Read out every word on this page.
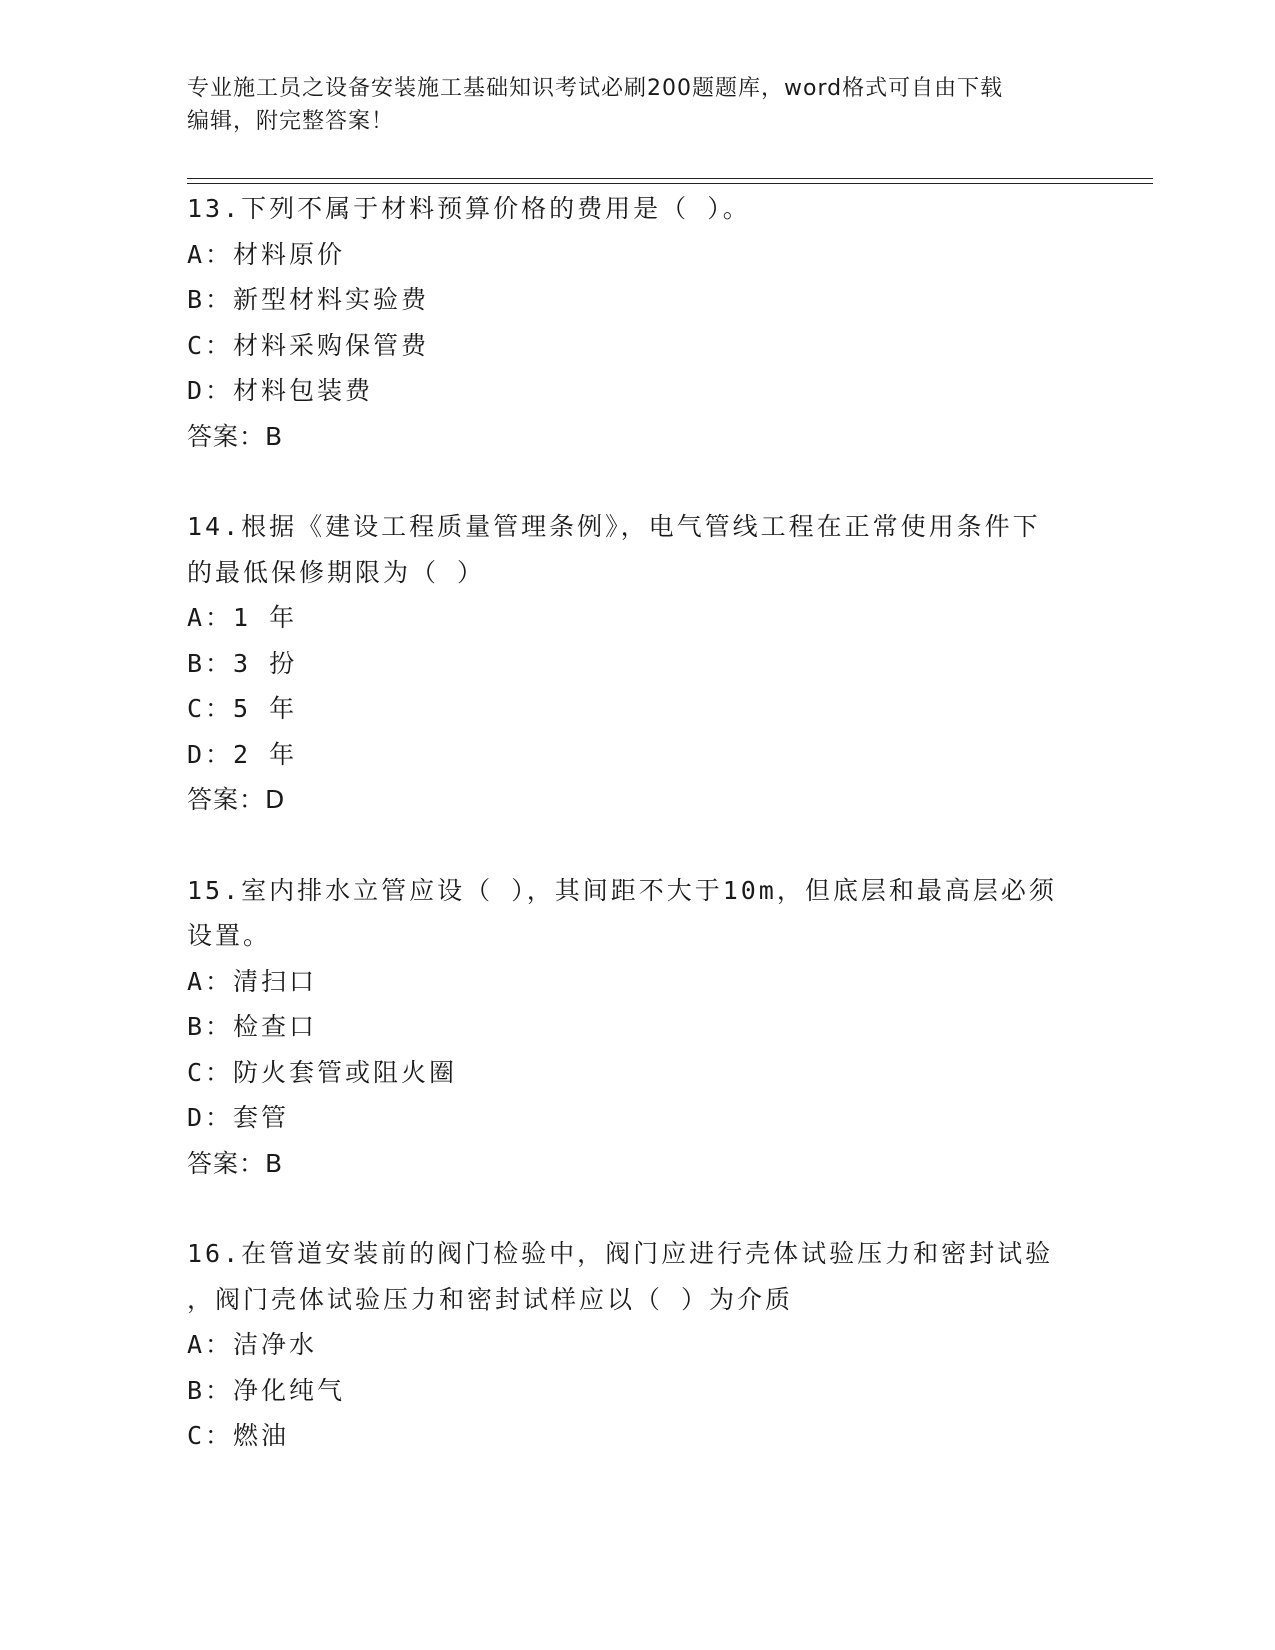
专业施工员之设备安装施工基础知识考试必刷200题题库，word格式可自由下载
编辑，附完整答案！
13.下列不属于材料预算价格的费用是（ ）。
A：材料原价
B：新型材料实验费
C：材料采购保管费
D：材料包装费
答案：B
14.根据《建设工程质量管理条例》，电气管线工程在正常使用条件下
的最低保修期限为（ ）
A：1 年
B：3 扮
C：5 年
D：2 年
答案：D
15.室内排水立管应设（ ），其间距不大于10m，但底层和最高层必须
设置。
A：清扫口
B：检查口
C：防火套管或阻火圈
D：套管
答案：B
16.在管道安装前的阀门检验中，阀门应进行壳体试验压力和密封试验
，阀门壳体试验压力和密封试样应以（ ）为介质
A：洁净水
B：净化纯气
C：燃油
